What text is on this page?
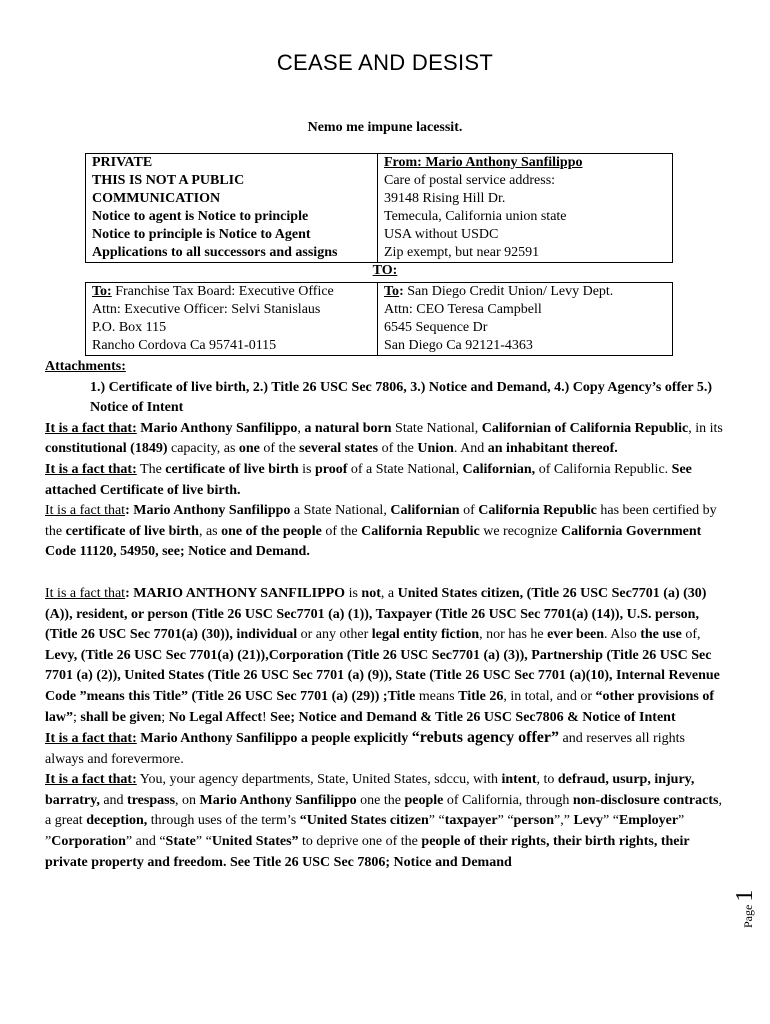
CEASE AND DESIST
Nemo me impune lacessit.
PRIVATE
THIS IS NOT A PUBLIC
COMMUNICATION
Notice to agent is Notice to principle
Notice to principle is Notice to Agent
Applications to all successors and assigns

From: Mario Anthony Sanfilippo
Care of postal service address:
39148 Rising Hill Dr.
Temecula, California union state
USA without USDC
Zip exempt, but near 92591
TO:
To: Franchise Tax Board: Executive Office
Attn: Executive Officer: Selvi Stanislaus
P.O. Box 115
Rancho Cordova Ca 95741-0115

To: San Diego Credit Union/ Levy Dept.
Attn: CEO Teresa Campbell
6545 Sequence Dr
San Diego Ca 92121-4363

Attachments:

1.) Certificate of live birth, 2.) Title 26 USC Sec 7806, 3.) Notice and Demand, 4.) Copy Agency’s offer 5.) Notice of Intent

It is a fact that: Mario Anthony Sanfilippo, a natural born State National, Californian of California Republic, in its constitutional (1849) capacity, as one of the several states of the Union. And an inhabitant thereof.

It is a fact that: The certificate of live birth is proof of a State National, Californian, of California Republic. See attached Certificate of live birth.

It is a fact that: Mario Anthony Sanfilippo a State National, Californian of California Republic has been certified by the certificate of live birth, as one of the people of the California Republic we recognize California Government Code 11120, 54950, see; Notice and Demand.

It is a fact that: MARIO ANTHONY SANFILIPPO is not, a United States citizen, (Title 26 USC Sec7701 (a) (30) (A)), resident, or person (Title 26 USC Sec7701 (a) (1)), Taxpayer (Title 26 USC Sec 7701(a) (14)), U.S. person, (Title 26 USC Sec 7701(a) (30)), individual or any other legal entity fiction, nor has he ever been. Also the use of, Levy, (Title 26 USC Sec 7701(a) (21)),Corporation (Title 26 USC Sec7701 (a) (3)), Partnership (Title 26 USC Sec 7701 (a) (2)), United States (Title 26 USC Sec 7701 (a) (9)), State (Title 26 USC Sec 7701 (a)(10), Internal Revenue Code ”means this Title” (Title 26 USC Sec 7701 (a) (29)) ;Title means Title 26, in total, and or “other provisions of law”; shall be given; No Legal Affect! See; Notice and Demand & Title 26 USC Sec7806 & Notice of Intent

It is a fact that: Mario Anthony Sanfilippo a people explicitly “rebuts agency offer” and reserves all rights always and forevermore.

It is a fact that: You, your agency departments, State, United States, sdccu, with intent, to defraud, usurp, injury, barratry, and trespass, on Mario Anthony Sanfilippo one the people of California, through non-disclosure contracts, a great deception, through uses of the term’s “United States citizen” “taxpayer” “person”,” Levy” “Employer” ”Corporation” and “State” “United States” to deprive one of the people of their rights, their birth rights, their private property and freedom. See Title 26 USC Sec 7806; Notice and Demand

Page 1
